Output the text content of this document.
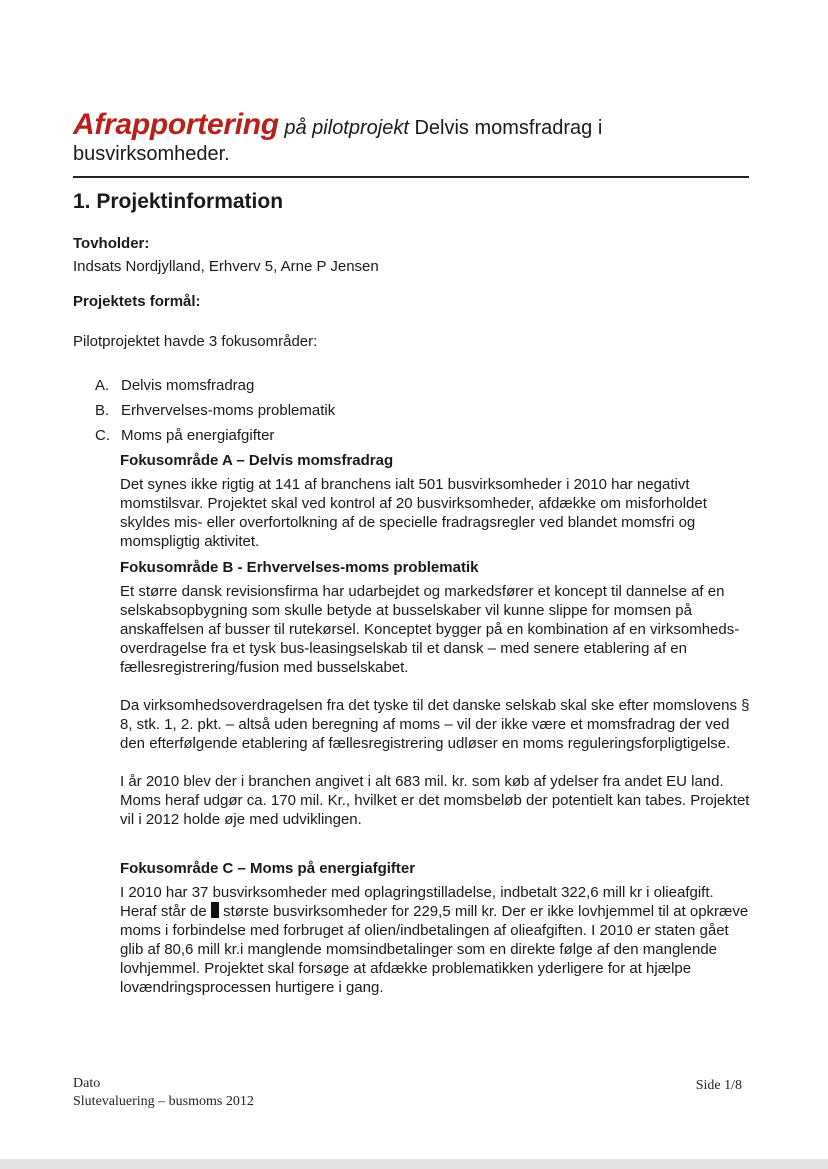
Afrapportering på pilotprojekt Delvis momsfradrag i
busvirksomheder.
1. Projektinformation
Tovholder:
Indsats Nordjylland, Erhverv 5, Arne P Jensen
Projektets formål:
Pilotprojektet havde 3 fokusområder:
A. Delvis momsfradrag
B. Erhvervelses-moms problematik
C. Moms på energiafgifter
Fokusområde A – Delvis momsfradrag

Det synes ikke rigtig at 141 af branchens ialt 501 busvirksomheder i 2010 har negativt momstilsvar. Projektet skal ved kontrol af 20 busvirksomheder, afdække om misforholdet skyldes mis- eller overfortolkning af de specielle fradragsregler ved blandet momsfri og momspligtig aktivitet.

Fokusområde B - Erhvervelses-moms problematik

Et større dansk revisionsfirma har udarbejdet og markedsfører et koncept til dannelse af en selskabsopbygning som skulle betyde at busselskaber vil kunne slippe for momsen på anskaffelsen af busser til rutekørsel. Konceptet bygger på en kombination af en virksomheds-overdragelse fra et tysk bus-leasingselskab til et dansk – med senere etablering af en fællesregistrering/fusion med busselskabet.

Da virksomhedsoverdragelsen fra det tyske til det danske selskab skal ske efter momslovens § 8, stk. 1, 2. pkt. – altså uden beregning af moms – vil der ikke være et momsfradrag der ved den efterfølgende etablering af fællesregistrering udløser en moms reguleringsforpligtigelse.

I år 2010 blev der i branchen angivet i alt 683 mil. kr. som køb af ydelser fra andet EU land. Moms heraf udgør ca. 170 mil. Kr., hvilket er det momsbeløb der potentielt kan tabes. Projektet vil i 2012 holde øje med udviklingen.

Fokusområde C – Moms på energiafgifter

I 2010 har 37 busvirksomheder med oplagringstilladelse, indbetalt 322,6 mill kr i olieafgift. Heraf står de største busvirksomheder for 229,5 mill kr. Der er ikke lovhjemmel til at opkræve moms i forbindelse med forbruget af olien/indbetalingen af olieafgiften. I 2010 er staten gået glib af 80,6 mill kr.i manglende momsindbetalinger som en direkte følge af den manglende lovhjemmel. Projektet skal forsøge at afdække problematikken yderligere for at hjælpe lovændringsprocessen hurtigere i gang.

Dato
Slutevaluering – busmoms 2012
Side 1/8
